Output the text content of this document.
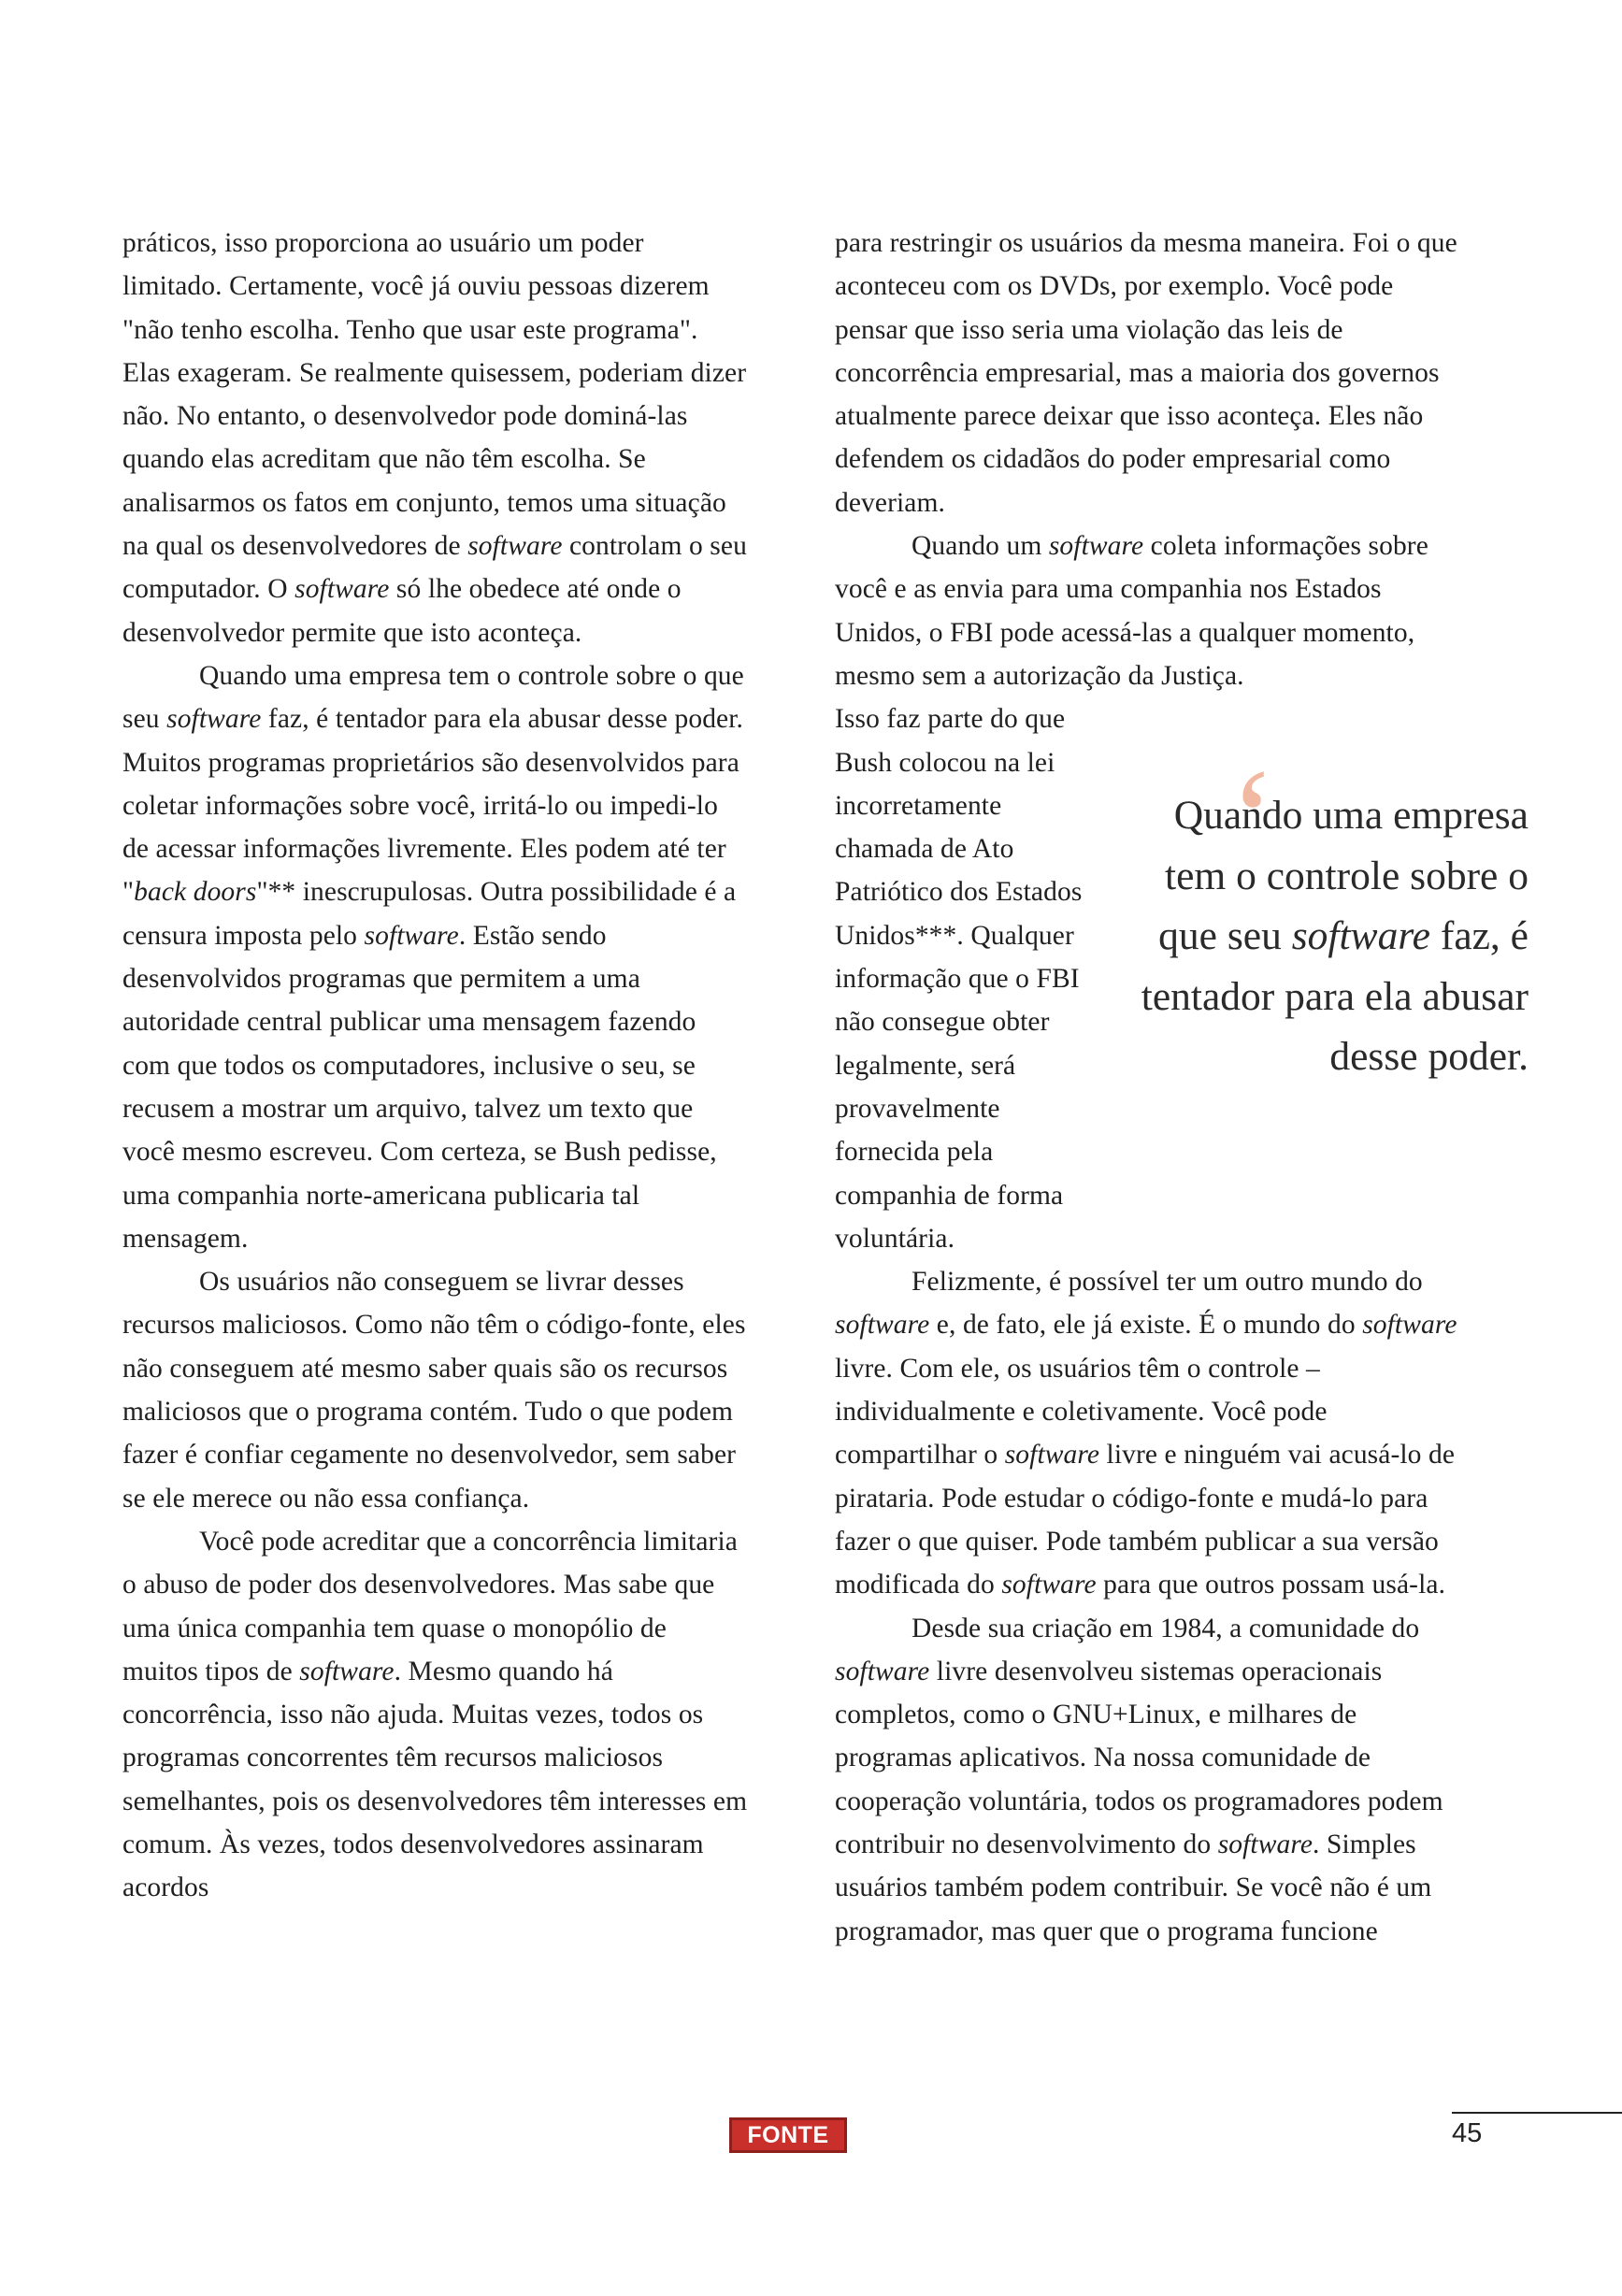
práticos, isso proporciona ao usuário um poder limitado. Certamente, você já ouviu pessoas dizerem "não tenho escolha. Tenho que usar este programa". Elas exageram. Se realmente quisessem, poderiam dizer não. No entanto, o desenvolvedor pode dominá-las quando elas acreditam que não têm escolha. Se analisarmos os fatos em conjunto, temos uma situação na qual os desenvolvedores de software controlam o seu computador. O software só lhe obedece até onde o desenvolvedor permite que isto aconteça.

Quando uma empresa tem o controle sobre o que seu software faz, é tentador para ela abusar desse poder. Muitos programas proprietários são desenvolvidos para coletar informações sobre você, irritá-lo ou impedi-lo de acessar informações livremente. Eles podem até ter "back doors"** inescrupulosas. Outra possibilidade é a censura imposta pelo software. Estão sendo desenvolvidos programas que permitem a uma autoridade central publicar uma mensagem fazendo com que todos os computadores, inclusive o seu, se recusem a mostrar um arquivo, talvez um texto que você mesmo escreveu. Com certeza, se Bush pedisse, uma companhia norte-americana publicaria tal mensagem.

Os usuários não conseguem se livrar desses recursos maliciosos. Como não têm o código-fonte, eles não conseguem até mesmo saber quais são os recursos maliciosos que o programa contém. Tudo o que podem fazer é confiar cegamente no desenvolvedor, sem saber se ele merece ou não essa confiança.

Você pode acreditar que a concorrência limitaria o abuso de poder dos desenvolvedores. Mas sabe que uma única companhia tem quase o monopólio de muitos tipos de software. Mesmo quando há concorrência, isso não ajuda. Muitas vezes, todos os programas concorrentes têm recursos maliciosos semelhantes, pois os desenvolvedores têm interesses em comum. Às vezes, todos desenvolvedores assinaram acordos

para restringir os usuários da mesma maneira. Foi o que aconteceu com os DVDs, por exemplo. Você pode pensar que isso seria uma violação das leis de concorrência empresarial, mas a maioria dos governos atualmente parece deixar que isso aconteça. Eles não defendem os cidadãos do poder empresarial como deveriam.

Quando um software coleta informações sobre você e as envia para uma companhia nos Estados Unidos, o FBI pode acessá-las a qualquer momento, mesmo sem a autorização da Justiça.

Isso faz parte do que
Bush colocou na lei
incorretamente
chamada de Ato
Patriótico dos Estados
Unidos***. Qualquer
informação que o FBI
não consegue obter
legalmente, será
provavelmente
fornecida pela
companhia de forma
voluntária.

Felizmente, é possível ter um outro mundo do software e, de fato, ele já existe. É o mundo do software livre. Com ele, os usuários têm o controle – individualmente e coletivamente. Você pode compartilhar o software livre e ninguém vai acusá-lo de pirataria. Pode estudar o código-fonte e mudá-lo para fazer o que quiser. Pode também publicar a sua versão modificada do software para que outros possam usá-la.

Desde sua criação em 1984, a comunidade do software livre desenvolveu sistemas operacionais completos, como o GNU+Linux, e milhares de programas aplicativos. Na nossa comunidade de cooperação voluntária, todos os programadores podem contribuir no desenvolvimento do software. Simples usuários também podem contribuir. Se você não é um programador, mas quer que o programa funcione

‘
Quando uma empresa tem o controle sobre o que seu software faz, é tentador para ela abusar desse poder.
FONTE	45
